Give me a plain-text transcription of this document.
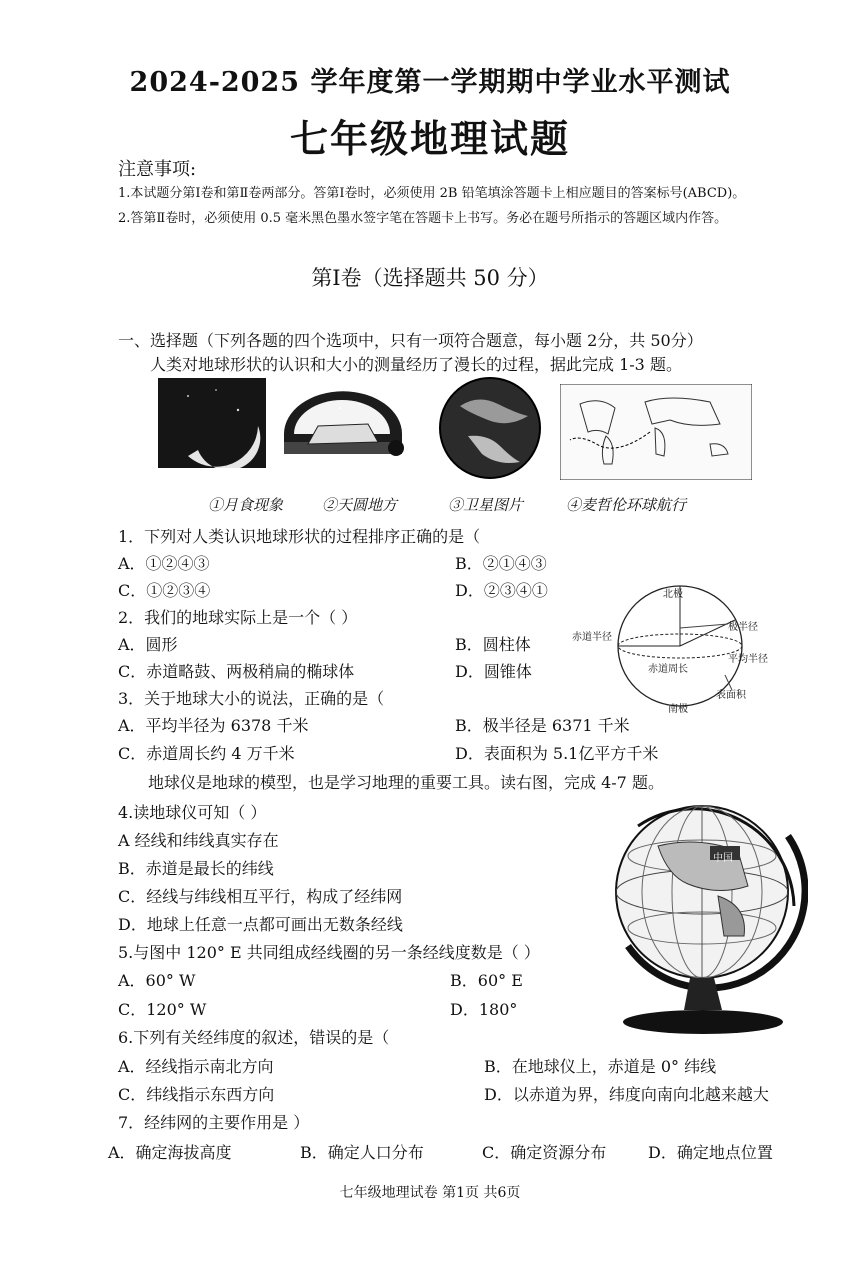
2024-2025 学年度第一学期期中学业水平测试
七年级地理试题
注意事项:
1.本试题分第Ⅰ卷和第Ⅱ卷两部分。答第Ⅰ卷时，必须使用 2B 铅笔填涂答题卡上相应题目的答案标号(ABCD)。
2.答第Ⅱ卷时，必须使用 0.5 毫米黑色墨水签字笔在答题卡上书写。务必在题号所指示的答题区域内作答。
第Ⅰ卷（选择题共 50 分）
一、选择题（下列各题的四个选项中，只有一项符合题意，每小题 2分，共 50分）
人类对地球形状的认识和大小的测量经历了漫长的过程，据此完成 1-3 题。
①月食现象	②天圆地方	③卫星图片	④麦哲伦环球航行
1．下列对人类认识地球形状的过程排序正确的是（
A．①②④③	B．②①④③
C．①②③④	D．②③④①
2．我们的地球实际上是一个（ ）
A．圆形	B．圆柱体
C．赤道略鼓、两极稍扁的椭球体	D．圆锥体
北极
极半径
赤道半径
平均半径
赤道周长
表面积
南极
3．关于地球大小的说法，正确的是（
A．平均半径为 6378 千米	B．极半径是 6371 千米
C．赤道周长约 4 万千米	D．表面积为 5.1亿平方千米
地球仪是地球的模型，也是学习地理的重要工具。读右图，完成 4-7 题。
4.读地球仪可知（ ）
A 经线和纬线真实存在
B．赤道是最长的纬线
C．经线与纬线相互平行，构成了经纬网
D．地球上任意一点都可画出无数条经线
中国
5.与图中 120° E 共同组成经线圈的另一条经线度数是（ ）
A．60° W	B．60° E
C．120° W	D．180°
6.下列有关经纬度的叙述，错误的是（
A．经线指示南北方向	B．在地球仪上，赤道是 0° 纬线
C．纬线指示东西方向	D．以赤道为界，纬度向南向北越来越大
7．经纬网的主要作用是 ）
A．确定海拔高度	B．确定人口分布	C．确定资源分布	D．确定地点位置
七年级地理试卷 第1页 共6页
